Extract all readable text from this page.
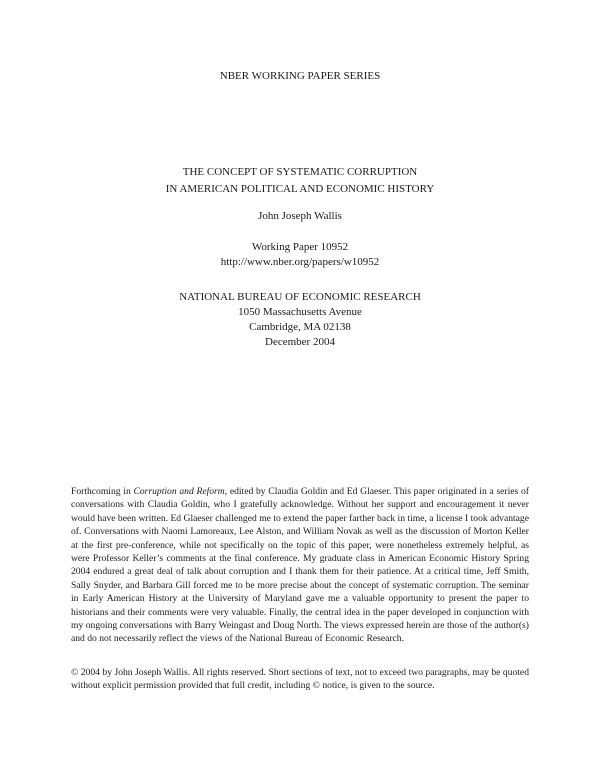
NBER WORKING PAPER SERIES
THE CONCEPT OF SYSTEMATIC CORRUPTION
IN AMERICAN POLITICAL AND ECONOMIC HISTORY
John Joseph Wallis
Working Paper 10952
http://www.nber.org/papers/w10952
NATIONAL BUREAU OF ECONOMIC RESEARCH
1050 Massachusetts Avenue
Cambridge, MA 02138
December 2004
Forthcoming in Corruption and Reform, edited by Claudia Goldin and Ed Glaeser. This paper originated in a series of conversations with Claudia Goldin, who I gratefully acknowledge. Without her support and encouragement it never would have been written. Ed Glaeser challenged me to extend the paper farther back in time, a license I took advantage of. Conversations with Naomi Lamoreaux, Lee Alston, and William Novak as well as the discussion of Morton Keller at the first pre-conference, while not specifically on the topic of this paper, were nonetheless extremely helpful, as were Professor Keller’s comments at the final conference. My graduate class in American Economic History Spring 2004 endured a great deal of talk about corruption and I thank them for their patience. At a critical time, Jeff Smith, Sally Snyder, and Barbara Gill forced me to be more precise about the concept of systematic corruption. The seminar in Early American History at the University of Maryland gave me a valuable opportunity to present the paper to historians and their comments were very valuable. Finally, the central idea in the paper developed in conjunction with my ongoing conversations with Barry Weingast and Doug North. The views expressed herein are those of the author(s) and do not necessarily reflect the views of the National Bureau of Economic Research.
© 2004 by John Joseph Wallis. All rights reserved. Short sections of text, not to exceed two paragraphs, may be quoted without explicit permission provided that full credit, including © notice, is given to the source.
